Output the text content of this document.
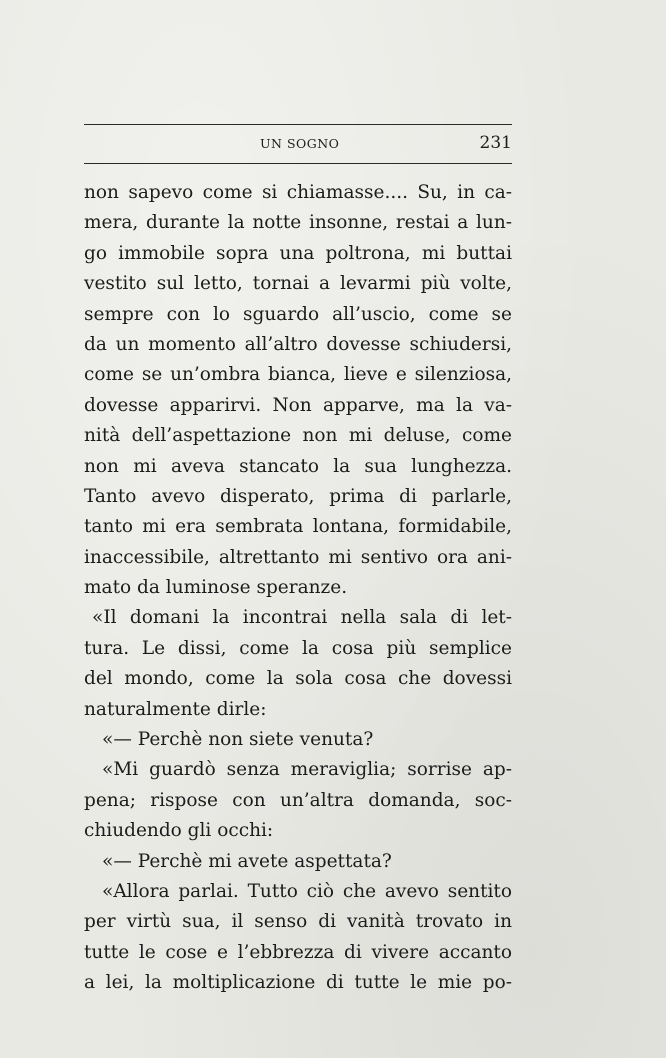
UN SOGNO	231
non sapevo come si chiamasse.... Su, in ca-
mera, durante la notte insonne, restai a lun-
go immobile sopra una poltrona, mi buttai
vestito sul letto, tornai a levarmi più volte,
sempre con lo sguardo all’uscio, come se
da un momento all’altro dovesse schiudersi,
come se un’ombra bianca, lieve e silenziosa,
dovesse apparirvi. Non apparve, ma la va-
nità dell’aspettazione non mi deluse, come
non mi aveva stancato la sua lunghezza.
Tanto avevo disperato, prima di parlarle,
tanto mi era sembrata lontana, formidabile,
inaccessibile, altrettanto mi sentivo ora ani-
mato da luminose speranze.
«Il domani la incontrai nella sala di let-
tura. Le dissi, come la cosa più semplice
del mondo, come la sola cosa che dovessi
naturalmente dirle:
«— Perchè non siete venuta?
«Mi guardò senza meraviglia; sorrise ap-
pena; rispose con un’altra domanda, soc-
chiudendo gli occhi:
«— Perchè mi avete aspettata?
«Allora parlai. Tutto ciò che avevo sentito
per virtù sua, il senso di vanità trovato in
tutte le cose e l’ebbrezza di vivere accanto
a lei, la moltiplicazione di tutte le mie po-
